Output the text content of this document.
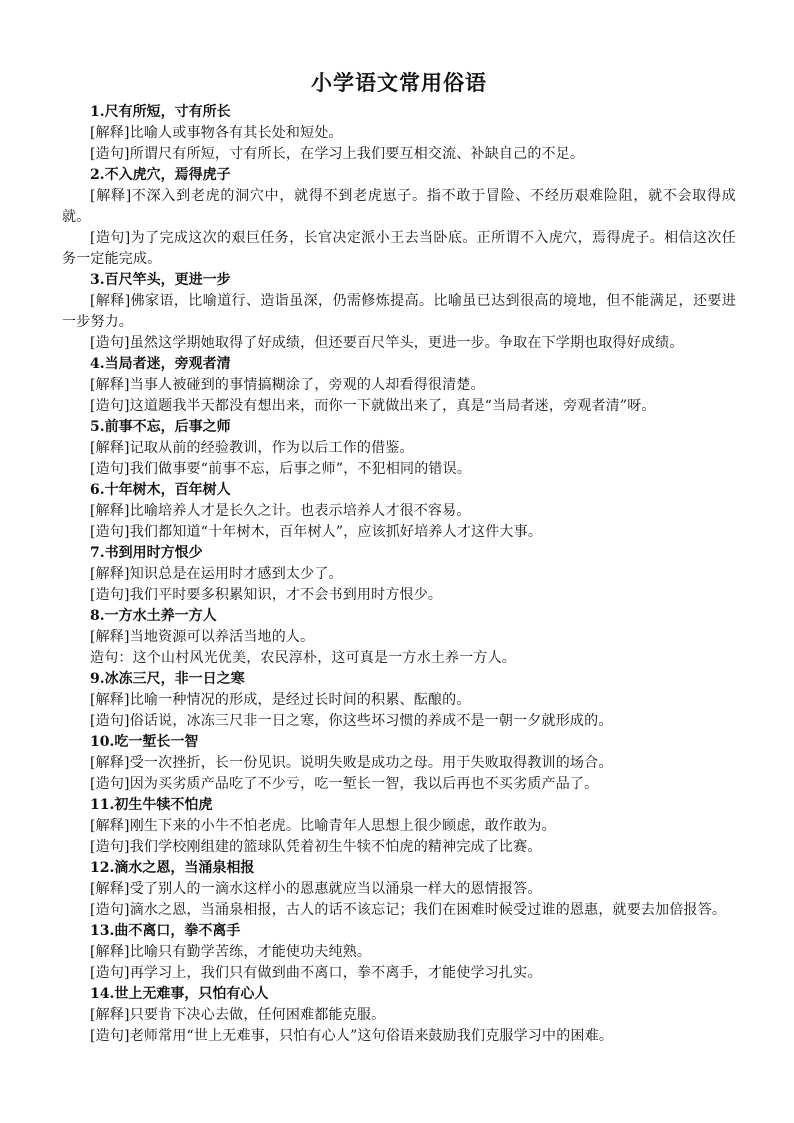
小学语文常用俗语
1.尺有所短，寸有所长
[解释]比喻人或事物各有其长处和短处。
[造句]所谓尺有所短，寸有所长，在学习上我们要互相交流、补缺自己的不足。
2.不入虎穴，焉得虎子
[解释]不深入到老虎的洞穴中，就得不到老虎崽子。指不敢于冒险、不经历艰难险阻，就不会取得成就。
[造句]为了完成这次的艰巨任务，长官决定派小王去当卧底。正所谓不入虎穴，焉得虎子。相信这次任务一定能完成。
3.百尺竿头，更进一步
[解释]佛家语，比喻道行、造诣虽深，仍需修炼提高。比喻虽已达到很高的境地，但不能满足，还要进一步努力。
[造句]虽然这学期她取得了好成绩，但还要百尺竿头，更进一步。争取在下学期也取得好成绩。
4.当局者迷，旁观者清
[解释]当事人被碰到的事情搞糊涂了，旁观的人却看得很清楚。
[造句]这道题我半天都没有想出来，而你一下就做出来了，真是“当局者迷，旁观者清”呀。
5.前事不忘，后事之师
[解释]记取从前的经验教训，作为以后工作的借鉴。
[造句]我们做事要“前事不忘，后事之师”，不犯相同的错误。
6.十年树木，百年树人
[解释]比喻培养人才是长久之计。也表示培养人才很不容易。
[造句]我们都知道“十年树木，百年树人”，应该抓好培养人才这件大事。
7.书到用时方恨少
[解释]知识总是在运用时才感到太少了。
[造句]我们平时要多积累知识，才不会书到用时方恨少。
8.一方水土养一方人
[解释]当地资源可以养活当地的人。
造句：这个山村风光优美，农民淳朴，这可真是一方水土养一方人。
9.冰冻三尺，非一日之寒
[解释]比喻一种情况的形成，是经过长时间的积累、酝酿的。
[造句]俗话说，冰冻三尺非一日之寒，你这些坏习惯的养成不是一朝一夕就形成的。
10.吃一堑长一智
[解释]受一次挫折，长一份见识。说明失败是成功之母。用于失败取得教训的场合。
[造句]因为买劣质产品吃了不少亏，吃一堑长一智，我以后再也不买劣质产品了。
11.初生牛犊不怕虎
[解释]刚生下来的小牛不怕老虎。比喻青年人思想上很少顾虑，敢作敢为。
[造句]我们学校刚组建的篮球队凭着初生牛犊不怕虎的精神完成了比赛。
12.滴水之恩，当涌泉相报
[解释]受了别人的一滴水这样小的恩惠就应当以涌泉一样大的恩情报答。
[造句]滴水之恩，当涌泉相报，古人的话不该忘记；我们在困难时候受过谁的恩惠，就要去加倍报答。
13.曲不离口，拳不离手
[解释]比喻只有勤学苦练，才能使功夫纯熟。
[造句]再学习上，我们只有做到曲不离口，拳不离手，才能使学习扎实。
14.世上无难事，只怕有心人
[解释]只要肯下决心去做，任何困难都能克服。
[造句]老师常用“世上无难事，只怕有心人”这句俗语来鼓励我们克服学习中的困难。
